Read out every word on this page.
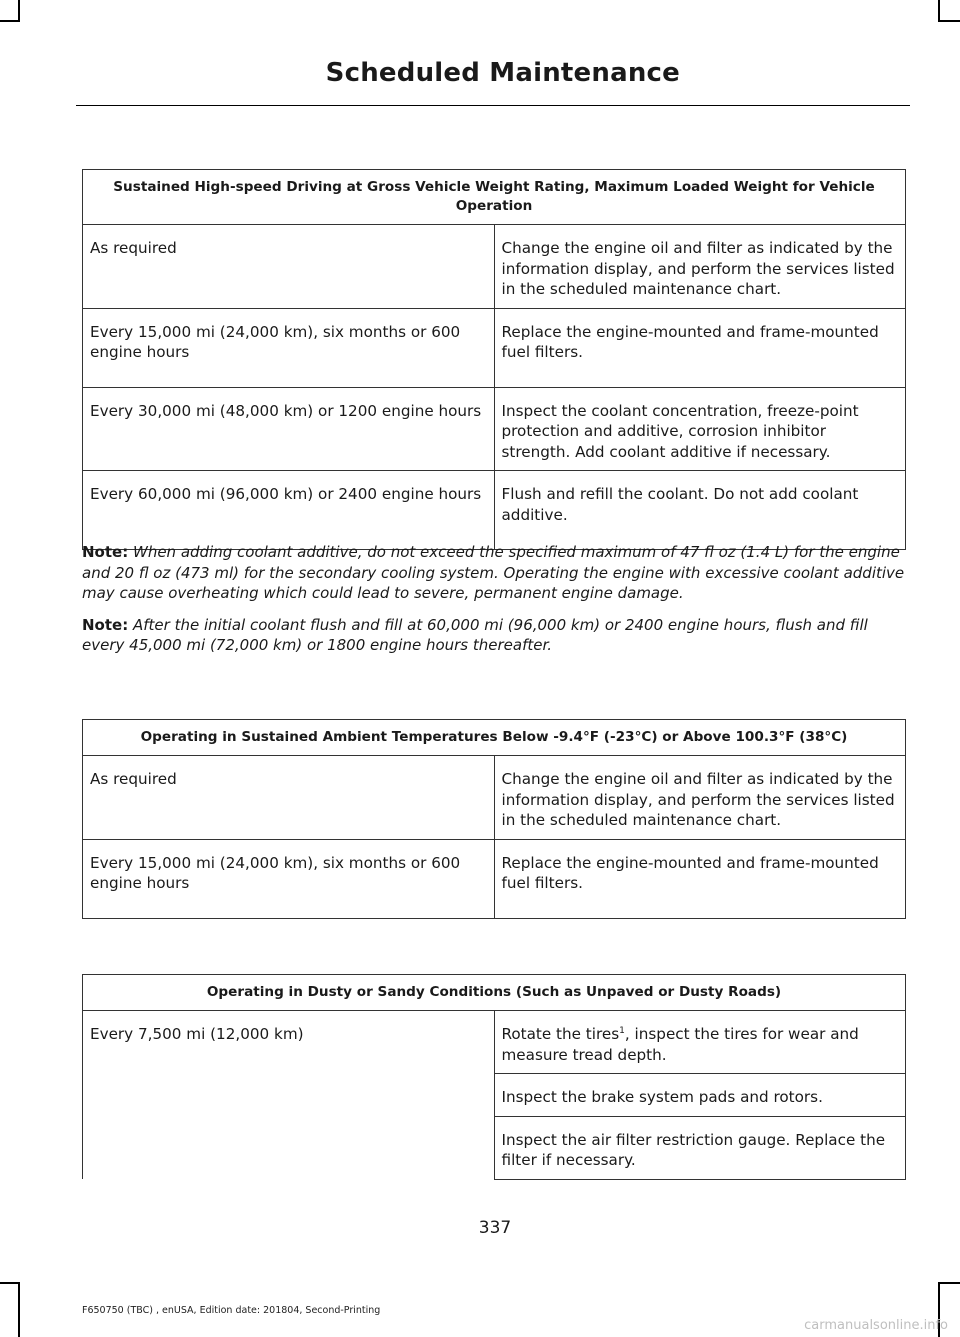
Scheduled Maintenance
Sustained High-speed Driving at Gross Vehicle Weight Rating, Maximum Loaded Weight for Vehicle Operation	
As required	Change the engine oil and filter as indicated by the information display, and perform the services listed in the scheduled maintenance chart.
Every 15,000 mi (24,000 km), six months or 600 engine hours	Replace the engine-mounted and frame-mounted fuel filters.
Every 30,000 mi (48,000 km) or 1200 engine hours	Inspect the coolant concentration, freeze-point protection and additive, corrosion inhibitor strength. Add coolant additive if necessary.
Every 60,000 mi (96,000 km) or 2400 engine hours	Flush and refill the coolant. Do not add coolant additive.

Note: When adding coolant additive, do not exceed the specified maximum of 47 fl oz (1.4 L) for the engine and 20 fl oz (473 ml) for the secondary cooling system. Operating the engine with excessive coolant additive may cause overheating which could lead to severe, permanent engine damage.

Note: After the initial coolant flush and fill at 60,000 mi (96,000 km) or 2400 engine hours, flush and fill every 45,000 mi (72,000 km) or 1800 engine hours thereafter.

Operating in Sustained Ambient Temperatures Below -9.4°F (-23°C) or Above 100.3°F (38°C)	
As required	Change the engine oil and filter as indicated by the information display, and perform the services listed in the scheduled maintenance chart.
Every 15,000 mi (24,000 km), six months or 600 engine hours	Replace the engine-mounted and frame-mounted fuel filters.
Operating in Dusty or Sandy Conditions (Such as Unpaved or Dusty Roads)
Every 7,500 mi (12,000 km)	Rotate the tires$^1$, inspect the tires for wear and measure tread depth.
Inspect the brake system pads and rotors.
Inspect the air filter restriction gauge. Replace the filter if necessary.
337
F650750 (TBC) , enUSA, Edition date: 201804, Second-Printing
carmanualsonline.info
